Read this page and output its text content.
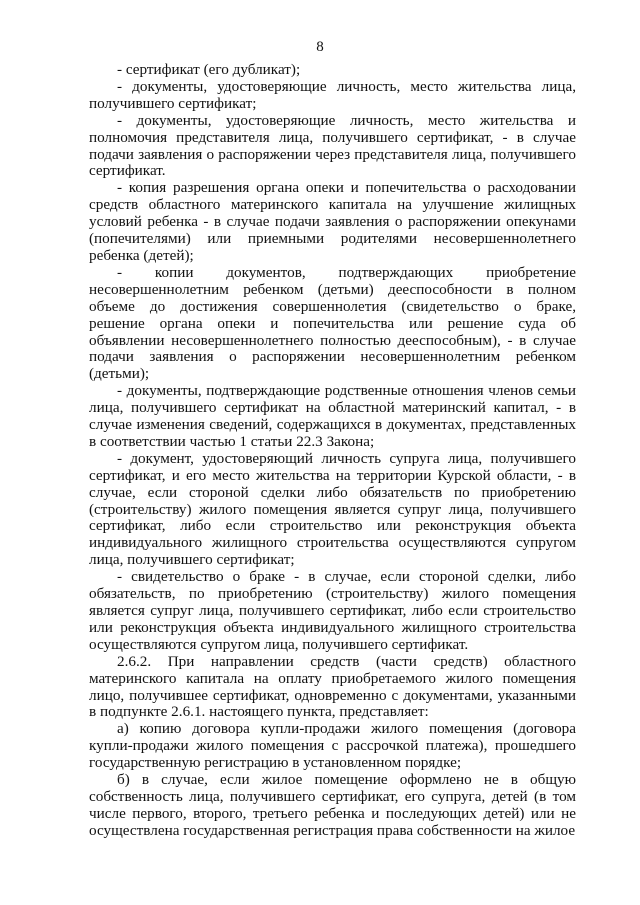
8

- сертификат (его дубликат);

- документы, удостоверяющие личность, место жительства лица, получившего сертификат;

- документы, удостоверяющие личность, место жительства и полномочия представителя лица, получившего сертификат, - в случае подачи заявления о распоряжении через представителя лица, получившего сертификат.

- копия разрешения органа опеки и попечительства о расходовании средств областного материнского капитала на улучшение жилищных условий ребенка - в случае подачи заявления о распоряжении опекунами (попечителями) или приемными родителями несовершеннолетнего ребенка (детей);

- копии документов, подтверждающих приобретение несовершеннолетним ребенком (детьми) дееспособности в полном объеме до достижения совершеннолетия (свидетельство о браке, решение органа опеки и попечительства или решение суда об объявлении несовершеннолетнего полностью дееспособным), - в случае подачи заявления о распоряжении несовершеннолетним ребенком (детьми);

- документы, подтверждающие родственные отношения членов семьи лица, получившего сертификат на областной материнский капитал, - в случае изменения сведений, содержащихся в документах, представленных в соответствии частью 1 статьи 22.3 Закона;

- документ, удостоверяющий личность супруга лица, получившего сертификат, и его место жительства на территории Курской области, - в случае, если стороной сделки либо обязательств по приобретению (строительству) жилого помещения является супруг лица, получившего сертификат, либо если строительство или реконструкция объекта индивидуального жилищного строительства осуществляются супругом лица, получившего сертификат;

- свидетельство о браке - в случае, если стороной сделки, либо обязательств, по приобретению (строительству) жилого помещения является супруг лица, получившего сертификат, либо если строительство или реконструкция объекта индивидуального жилищного строительства осуществляются супругом лица, получившего сертификат.

2.6.2. При направлении средств (части средств) областного материнского капитала на оплату приобретаемого жилого помещения лицо, получившее сертификат, одновременно с документами, указанными в подпункте 2.6.1. настоящего пункта, представляет:

а) копию договора купли-продажи жилого помещения (договора купли-продажи жилого помещения с рассрочкой платежа), прошедшего государственную регистрацию в установленном порядке;

б) в случае, если жилое помещение оформлено не в общую собственность лица, получившего сертификат, его супруга, детей (в том числе первого, второго, третьего ребенка и последующих детей) или не осуществлена государственная регистрация права собственности на жилое
